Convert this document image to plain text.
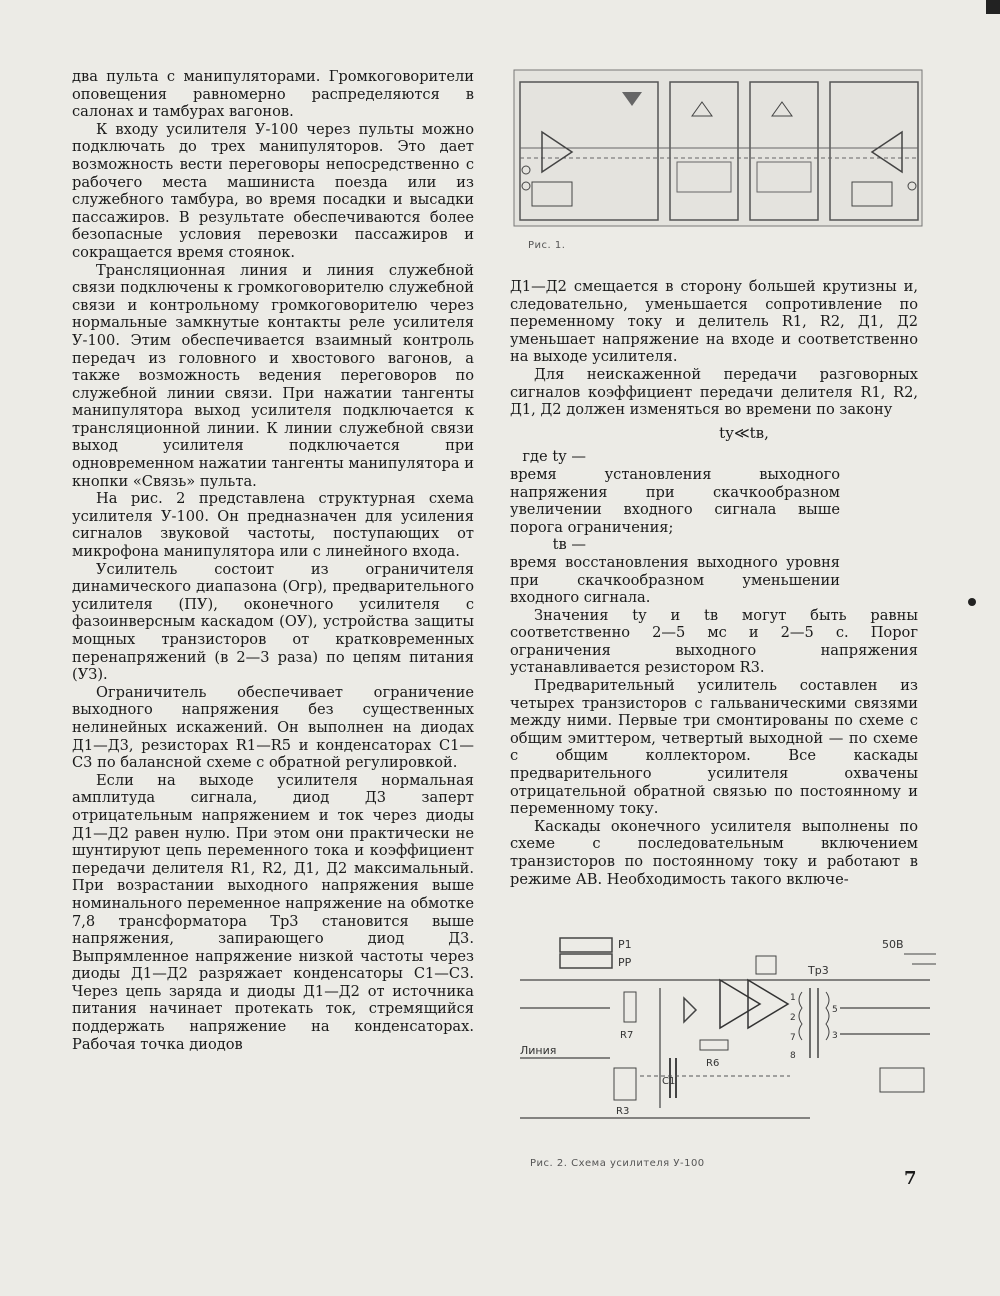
два пульта с манипуляторами. Громкоговорители оповещения равномерно распределяются в салонах и тамбурах вагонов.

К входу усилителя У-100 через пульты можно подключать до трех манипуляторов. Это дает возможность вести переговоры непосредственно с рабочего места машиниста поезда или из служебного тамбура, во время посадки и высадки пассажиров. В результате обеспечиваются более безопасные условия перевозки пассажиров и сокращается время стоянок.

Трансляционная линия и линия служебной связи подключены к громкоговорителю служебной связи и контрольному громкоговорителю через нормальные замкнутые контакты реле усилителя У-100. Этим обеспечивается взаимный контроль передач из головного и хвостового вагонов, а также возможность ведения переговоров по служебной линии связи. При нажатии тангенты манипулятора выход усилителя подключается к трансляционной линии. К линии служебной связи выход усилителя подключается при одновременном нажатии тангенты манипулятора и кнопки «Связь» пульта.

На рис. 2 представлена структурная схема усилителя У-100. Он предназначен для усиления сигналов звуковой частоты, поступающих от микрофона манипулятора или с линейного входа.

Усилитель состоит из ограничителя динамического диапазона (Огр), предварительного усилителя (ПУ), оконечного усилителя с фазоинверсным каскадом (ОУ), устройства защиты мощных транзисторов от кратковременных перенапряжений (в 2—3 раза) по цепям питания (УЗ).

Ограничитель обеспечивает ограничение выходного напряжения без существенных нелинейных искажений. Он выполнен на диодах Д1—Д3, резисторах R1—R5 и конденсаторах С1—С3 по балансной схеме с обратной регулировкой.

Если на выходе усилителя нормальная амплитуда сигнала, диод Д3 заперт отрицательным напряжением и ток через диоды Д1—Д2 равен нулю. При этом они практически не шунтируют цепь переменного тока и коэффициент передачи делителя R1, R2, Д1, Д2 максимальный. При возрастании выходного напряжения выше номинального переменное напряжение на обмотке 7,8 трансформатора Тр3 становится выше напряжения, запирающего диод Д3. Выпрямленное напряжение низкой частоты через диоды Д1—Д2 разряжает конденсаторы С1—С3. Через цепь заряда и диоды Д1—Д2 от источника питания начинает протекать ток, стремящийся поддержать напряжение на конденсаторах. Рабочая точка диодов

Рис. 1.

Д1—Д2 смещается в сторону большей крутизны и, следовательно, уменьшается сопротивление по переменному току и делитель R1, R2, Д1, Д2 уменьшает напряжение на входе и соответственно на выходе усилителя.

Для неискаженной передачи разговорных сигналов коэффициент передачи делителя R1, R2, Д1, Д2 должен изменяться во времени по закону

tу≪tв,
где tу — время установления выходного напряжения при скачкообразном увеличении входного сигнала выше порога ограничения;
tв — время восстановления выходного уровня при скачкообразном уменьшении входного сигнала.

Значения tу и tв могут быть равны соответственно 2—5 мс и 2—5 с. Порог ограничения выходного напряжения устанавливается резистором R3.

Предварительный усилитель составлен из четырех транзисторов с гальваническими связями между ними. Первые три смонтированы по схеме с общим эмиттером, четвертый выходной — по схеме с общим коллектором. Все каскады предварительного усилителя охвачены отрицательной обратной связью по постоянному и переменному току.

Каскады оконечного усилителя выполнены по схеме с последовательным включением транзисторов по постоянному току и работают в режиме АВ. Необходимость такого включе-

Р1
РР
Линия
R7
R3
С1
R6
Тр3
1
2
7
8
5
3
50В
Рис. 2. Схема усилителя У-100
7
